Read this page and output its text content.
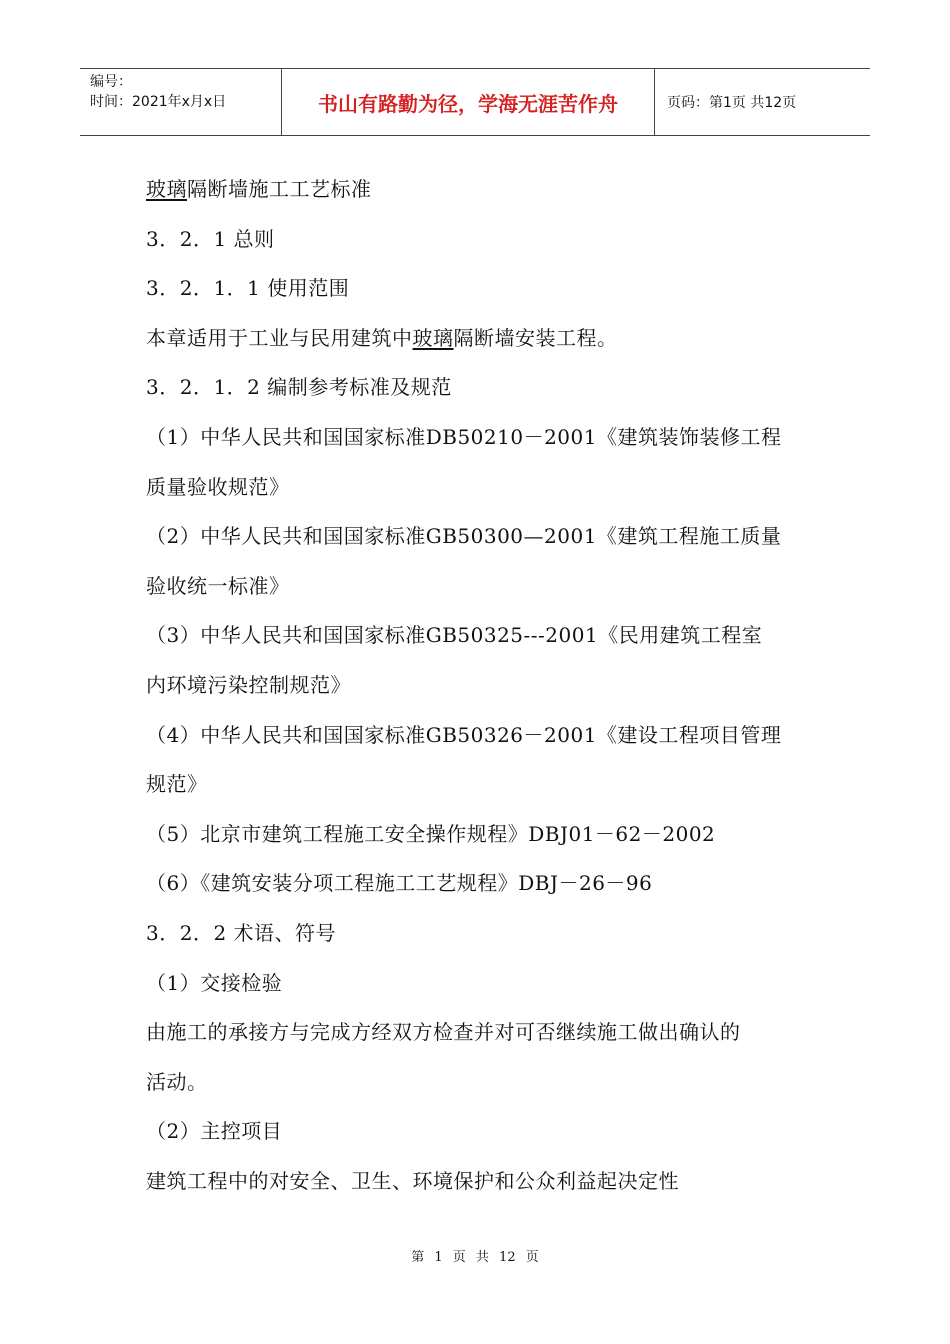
编号：
时间：2021年x月x日	书山有路勤为径，学海无涯苦作舟	页码：第1页 共12页
玻璃隔断墙施工工艺标准
3．2．1 总则
3．2．1．1 使用范围
本章适用于工业与民用建筑中玻璃隔断墙安装工程。
3．2．1．2 编制参考标准及规范
（1）中华人民共和国国家标准DB50210－2001《建筑装饰装修工程
质量验收规范》
（2）中华人民共和国国家标准GB50300—2001《建筑工程施工质量
验收统一标准》
（3）中华人民共和国国家标准GB50325---2001《民用建筑工程室
内环境污染控制规范》
（4）中华人民共和国国家标准GB50326－2001《建设工程项目管理
规范》
（5）北京市建筑工程施工安全操作规程》DBJ01－62－2002
（6）《建筑安装分项工程施工工艺规程》DBJ－26－96
3．2．2 术语、符号
（1）交接检验
由施工的承接方与完成方经双方检查并对可否继续施工做出确认的
活动。
（2）主控项目
建筑工程中的对安全、卫生、环境保护和公众利益起决定性
第 1 页 共 12 页
